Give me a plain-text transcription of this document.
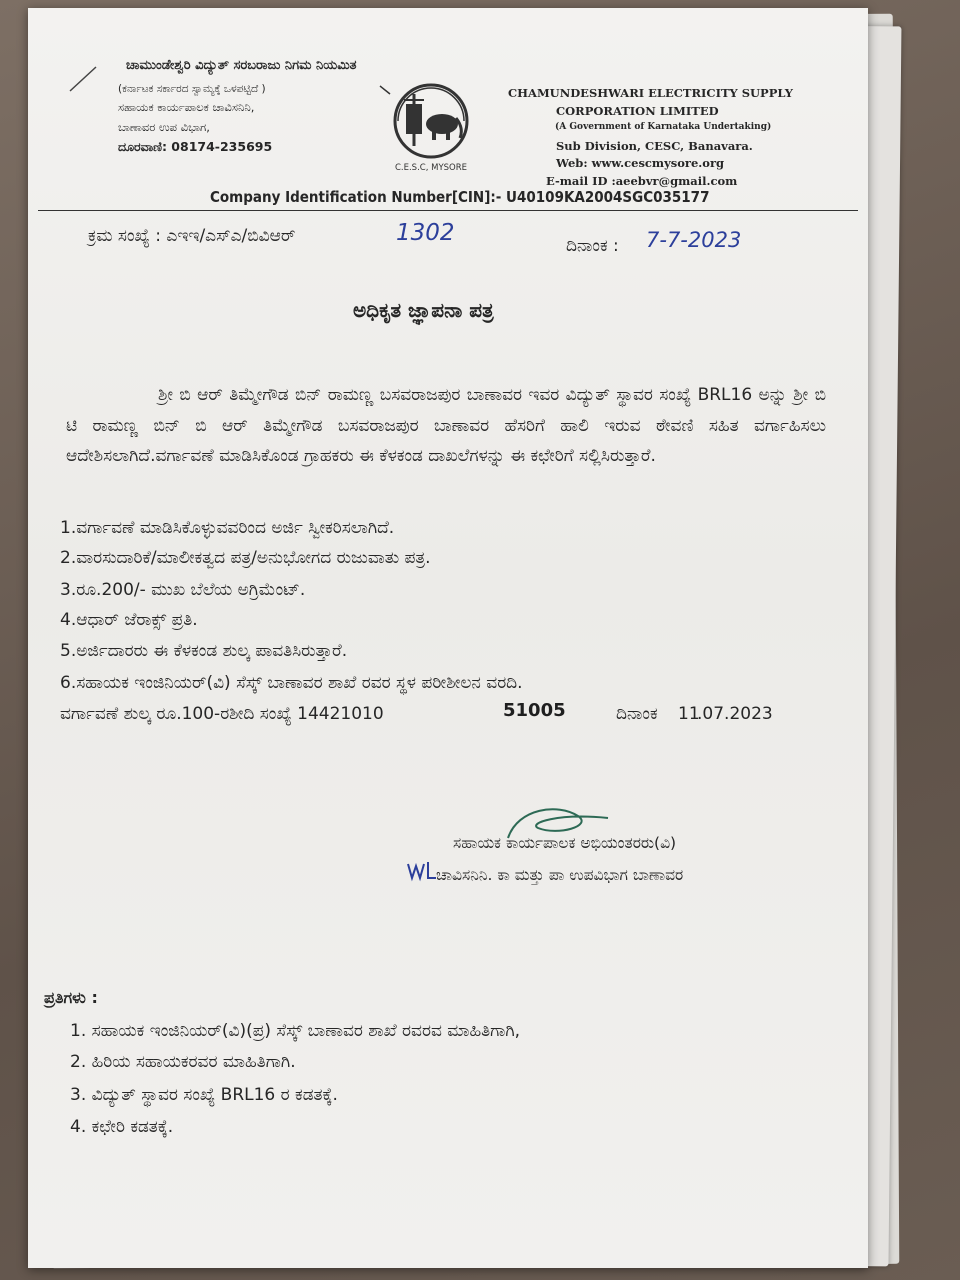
ಚಾಮುಂಡೇಶ್ವರಿ ವಿದ್ಯುತ್ ಸರಬರಾಜು ನಿಗಮ ನಿಯಮಿತ
(ಕರ್ನಾಟಕ ಸರ್ಕಾರದ ಸ್ವಾಮ್ಯಕ್ಕೆ ಒಳಪಟ್ಟಿದೆ )
ಸಹಾಯಕ ಕಾರ್ಯಪಾಲಕ ಚಾವಿಸನಿನಿ,
ಬಾಣಾವರ ಉಪ ವಿಭಾಗ,
ದೂರವಾಣಿ: 08174-235695
C.E.S.C, MYSORE
CHAMUNDESHWARI ELECTRICITY SUPPLY
CORPORATION LIMITED
(A Government of Karnataka Undertaking)
Sub Division, CESC, Banavara.
Web: www.cescmysore.org
E-mail ID :aeebvr@gmail.com
Company Identification Number[CIN]:- U40109KA2004SGC035177
ಕ್ರಮ ಸಂಖ್ಯೆ : ಎಇಇ/ಎಸ್ಎ/ಬಿವಿಆರ್	1302	ದಿನಾಂಕ : 7-7-2023
ಅಧಿಕೃತ ಜ್ಞಾಪನಾ ಪತ್ರ
ಶ್ರೀ ಬಿ ಆರ್ ತಿಮ್ಮೇಗೌಡ ಬಿನ್ ರಾಮಣ್ಣ ಬಸವರಾಜಪುರ ಬಾಣಾವರ ಇವರ ವಿದ್ಯುತ್ ಸ್ಥಾವರ ಸಂಖ್ಯೆ BRL16 ಅನ್ನು ಶ್ರೀ ಬಿ ಟಿ ರಾಮಣ್ಣ ಬಿನ್ ಬಿ ಆರ್ ತಿಮ್ಮೇಗೌಡ ಬಸವರಾಜಪುರ ಬಾಣಾವರ ಹೆಸರಿಗೆ ಹಾಲಿ ಇರುವ ಠೇವಣಿ ಸಹಿತ ವರ್ಗಾಹಿಸಲು ಆದೇಶಿಸಲಾಗಿದೆ.ವರ್ಗಾವಣೆ ಮಾಡಿಸಿಕೊಂಡ ಗ್ರಾಹಕರು ಈ ಕೆಳಕಂಡ ದಾಖಲೆಗಳನ್ನು ಈ ಕಛೇರಿಗೆ ಸಲ್ಲಿಸಿರುತ್ತಾರೆ.
1.ವರ್ಗಾವಣೆ ಮಾಡಿಸಿಕೊಳ್ಳುವವರಿಂದ ಅರ್ಜಿ ಸ್ವೀಕರಿಸಲಾಗಿದೆ.
2.ವಾರಸುದಾರಿಕೆ/ಮಾಲೀಕತ್ವದ ಪತ್ರ/ಅನುಭೋಗದ ರುಜುವಾತು ಪತ್ರ.
3.ರೂ.200/- ಮುಖ ಬೆಲೆಯ ಅಗ್ರಿಮೆಂಟ್.
4.ಆಧಾರ್ ಜೆರಾಕ್ಸ್ ಪ್ರತಿ.
5.ಅರ್ಜಿದಾರರು ಈ ಕೆಳಕಂಡ ಶುಲ್ಕ ಪಾವತಿಸಿರುತ್ತಾರೆ.
6.ಸಹಾಯಕ ಇಂಜಿನಿಯರ್(ವಿ) ಸೆಸ್ಕ್ ಬಾಣಾವರ ಶಾಖೆ ರವರ ಸ್ಥಳ ಪರೀಶೀಲನ ವರದಿ.
ವರ್ಗಾವಣೆ ಶುಲ್ಕ ರೂ.100-ರಶೀದಿ ಸಂಖ್ಯೆ 14421010	51005	ದಿನಾಂಕ 11
.07.2023
ಸಹಾಯಕ ಕಾರ್ಯಪಾಲಕ ಅಭಿಯಂತರರು(ವಿ)
ಚಾವಿಸನಿನಿ. ಕಾ ಮತ್ತು ಪಾ ಉಪವಿಭಾಗ ಬಾಣಾವರ
ಪ್ರತಿಗಳು :
1. ಸಹಾಯಕ ಇಂಜಿನಿಯರ್(ವಿ)(ಪ್ರ) ಸೆಸ್ಕ್ ಬಾಣಾವರ ಶಾಖೆ ರವರವ ಮಾಹಿತಿಗಾಗಿ,
2. ಹಿರಿಯ ಸಹಾಯಕರವರ ಮಾಹಿತಿಗಾಗಿ.
3. ವಿದ್ಯುತ್ ಸ್ಥಾವರ ಸಂಖ್ಯೆ BRL16 ರ ಕಡತಕ್ಕೆ.
4. ಕಛೇರಿ ಕಡತಕ್ಕೆ.
